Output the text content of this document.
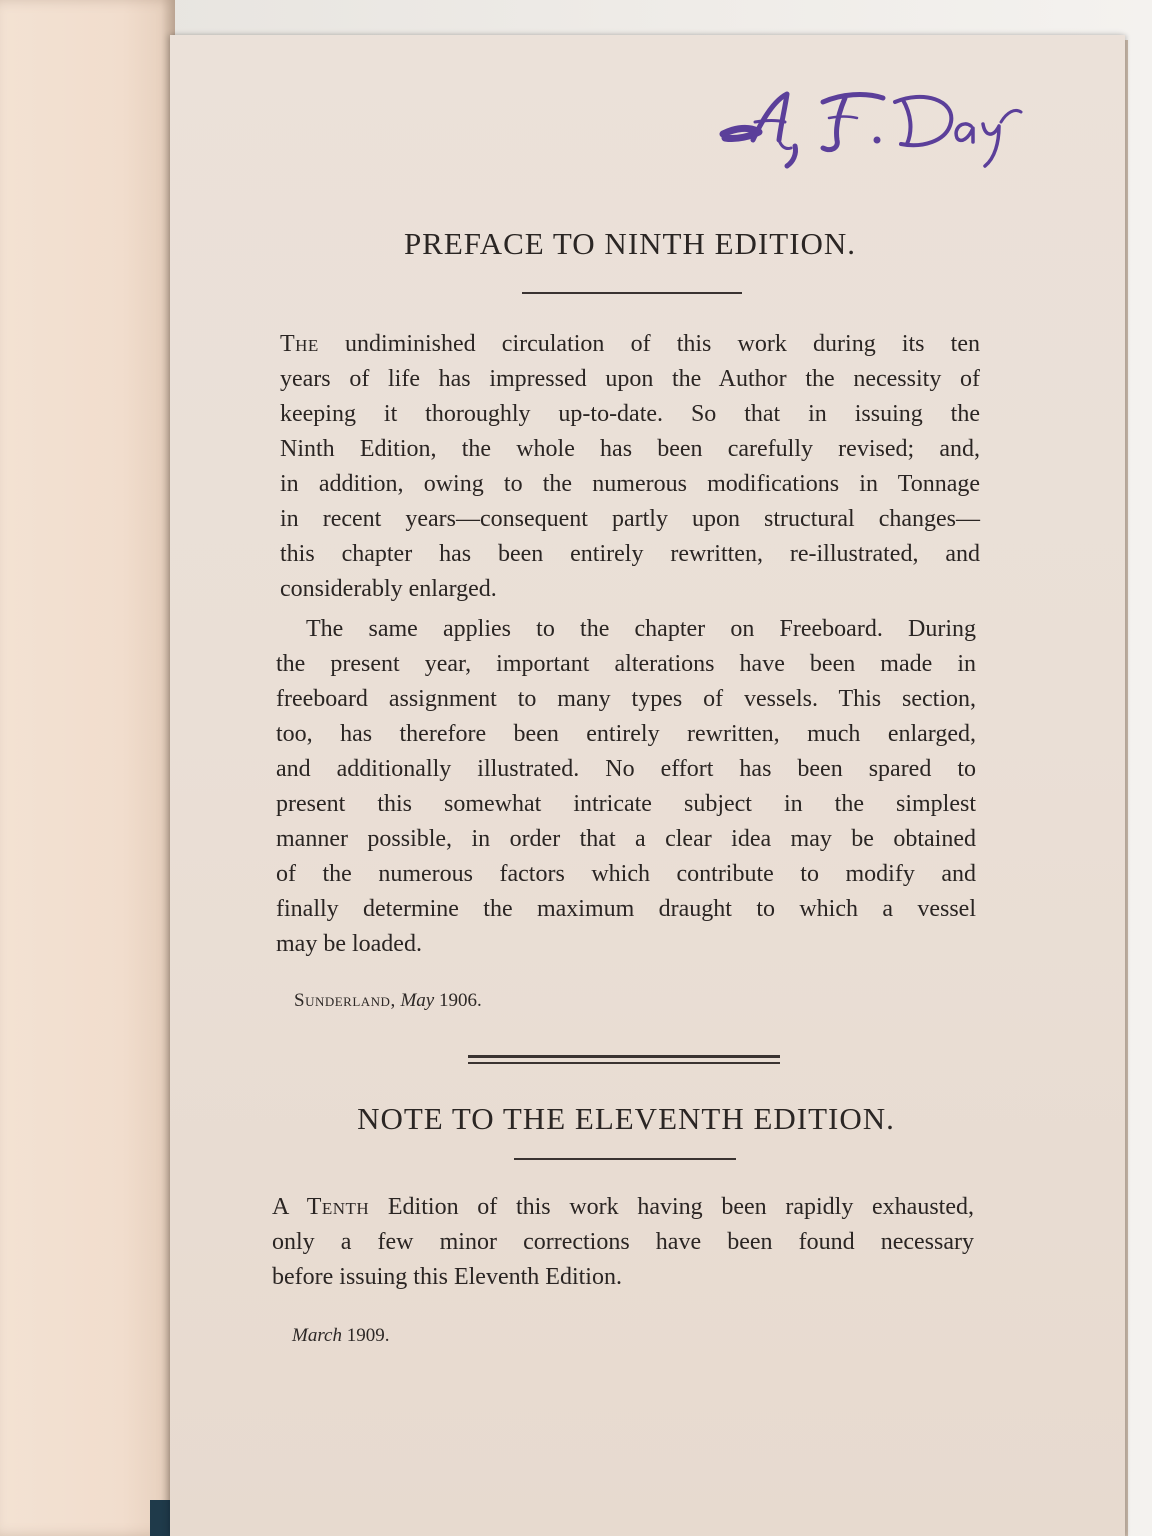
PREFACE TO NINTH EDITION.
The undiminished circulation of this work during its ten
years of life has impressed upon the Author the necessity of
keeping it thoroughly up-to-date. So that in issuing the
Ninth Edition, the whole has been carefully revised; and,
in addition, owing to the numerous modifications in Tonnage
in recent years—consequent partly upon structural changes—
this chapter has been entirely rewritten, re-illustrated, and
considerably enlarged.
The same applies to the chapter on Freeboard. During
the present year, important alterations have been made in
freeboard assignment to many types of vessels. This section,
too, has therefore been entirely rewritten, much enlarged,
and additionally illustrated. No effort has been spared to
present this somewhat intricate subject in the simplest
manner possible, in order that a clear idea may be obtained
of the numerous factors which contribute to modify and
finally determine the maximum draught to which a vessel
may be loaded.
Sunderland, May 1906.
NOTE TO THE ELEVENTH EDITION.
A Tenth Edition of this work having been rapidly exhausted,
only a few minor corrections have been found necessary
before issuing this Eleventh Edition.
March 1909.
